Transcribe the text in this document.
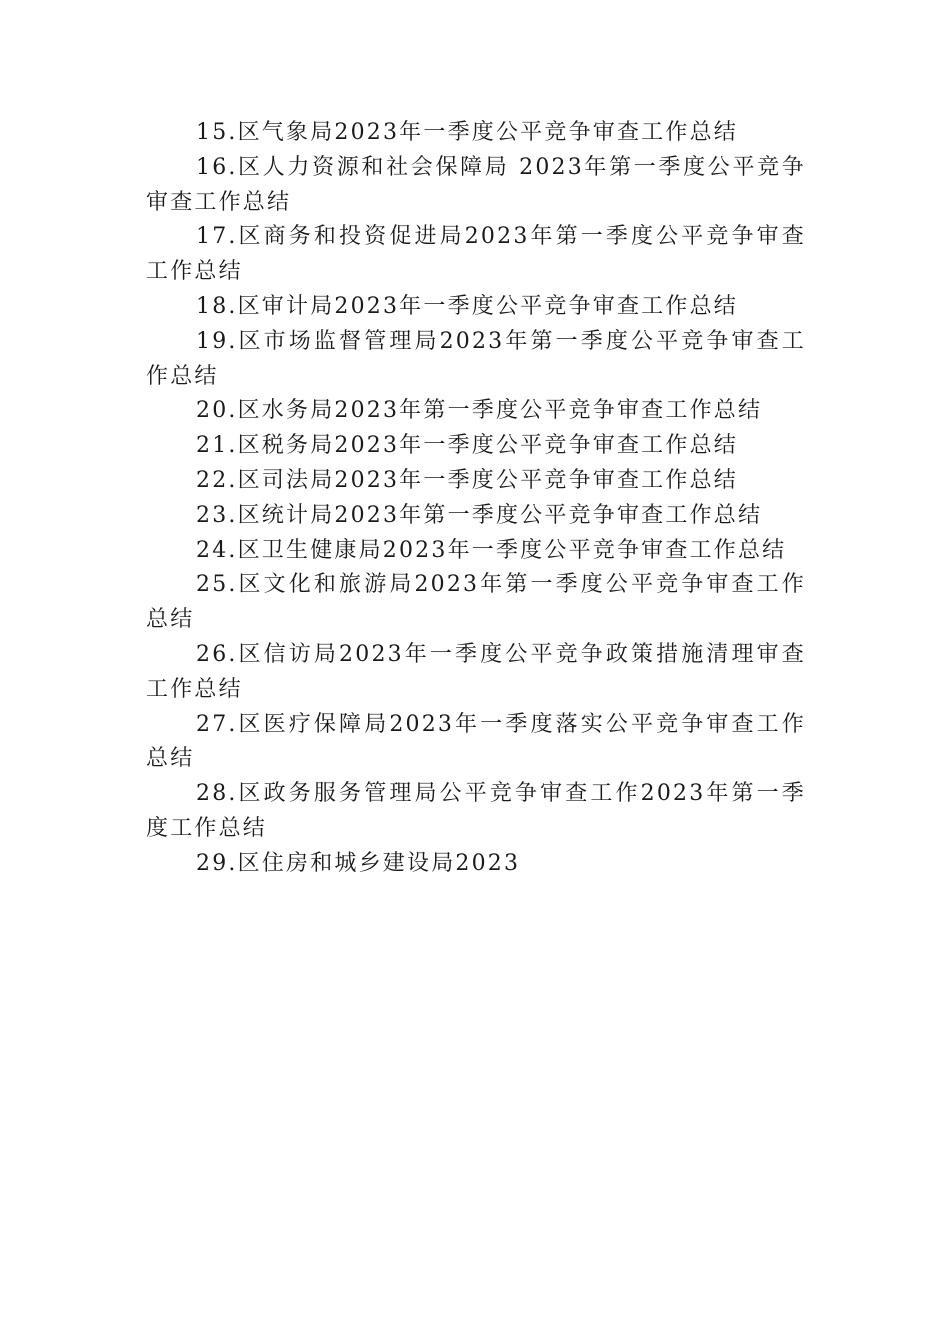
15.区气象局2023年一季度公平竞争审查工作总结

16.区人力资源和社会保障局 2023年第一季度公平竞争审查工作总结

17.区商务和投资促进局2023年第一季度公平竞争审查工作总结

18.区审计局2023年一季度公平竞争审查工作总结

19.区市场监督管理局2023年第一季度公平竞争审查工作总结

20.区水务局2023年第一季度公平竞争审查工作总结

21.区税务局2023年一季度公平竞争审查工作总结

22.区司法局2023年一季度公平竞争审查工作总结

23.区统计局2023年第一季度公平竞争审查工作总结

24.区卫生健康局2023年一季度公平竞争审查工作总结

25.区文化和旅游局2023年第一季度公平竞争审查工作总结

26.区信访局2023年一季度公平竞争政策措施清理审查工作总结

27.区医疗保障局2023年一季度落实公平竞争审查工作总结

28.区政务服务管理局公平竞争审查工作2023年第一季度工作总结

29.区住房和城乡建设局2023
